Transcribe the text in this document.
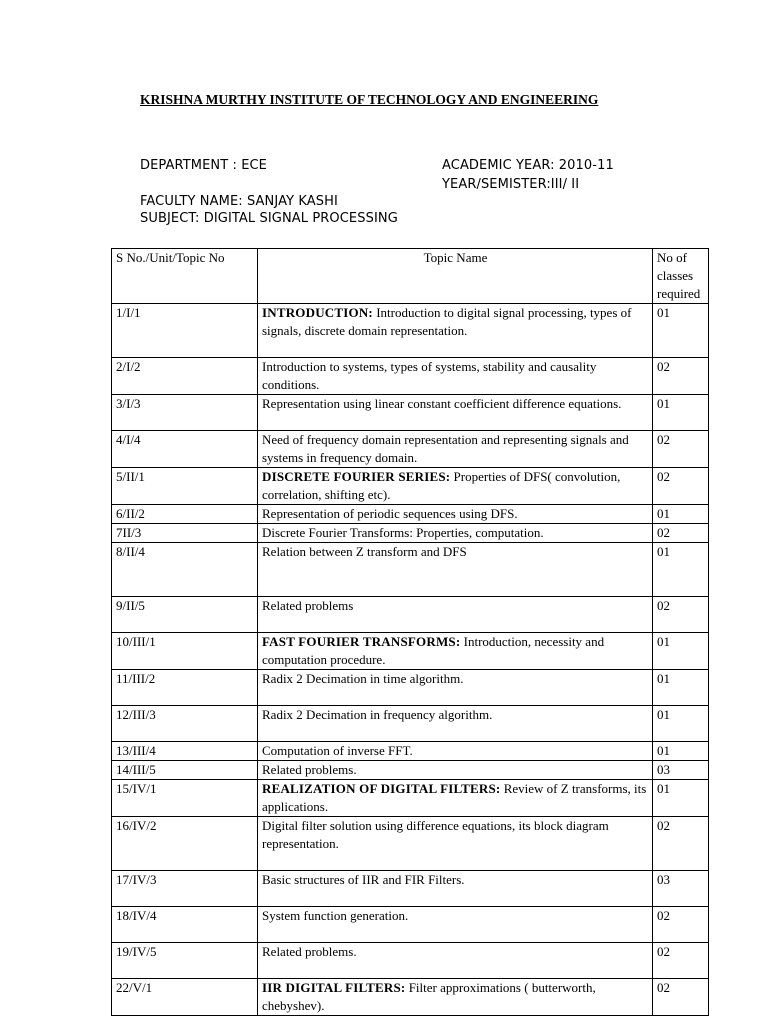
KRISHNA MURTHY INSTITUTE OF TECHNOLOGY AND ENGINEERING
DEPARTMENT : ECE	ACADEMIC YEAR: 2010-11
YEAR/SEMISTER:III/ II
FACULTY NAME: SANJAY KASHI
SUBJECT: DIGITAL SIGNAL PROCESSING
S No./Unit/Topic No	Topic Name	No of classes required
1/I/1	INTRODUCTION: Introduction to digital signal processing, types of signals, discrete domain representation.	01
2/I/2	Introduction to systems, types of systems, stability and causality conditions.	02
3/I/3	Representation using linear constant coefficient difference equations.	01
4/I/4	Need of frequency domain representation and representing signals and systems in frequency domain.	02
5/II/1	DISCRETE FOURIER SERIES: Properties of DFS( convolution, correlation, shifting etc).	02
6/II/2	Representation of periodic sequences using DFS.	01
7II/3	Discrete Fourier Transforms: Properties, computation.	02
8/II/4	Relation between Z transform and DFS	01
9/II/5	Related problems	02
10/III/1	FAST FOURIER TRANSFORMS: Introduction, necessity and computation procedure.	01
11/III/2	Radix 2 Decimation in time algorithm.	01
12/III/3	Radix 2 Decimation in frequency algorithm.	01
13/III/4	Computation of inverse FFT.	01
14/III/5	Related problems.	03
15/IV/1	REALIZATION OF DIGITAL FILTERS: Review of Z transforms, its applications.	01
16/IV/2	Digital filter solution using difference equations, its block diagram representation.	02
17/IV/3	Basic structures of IIR and FIR Filters.	03
18/IV/4	System function generation.	02
19/IV/5	Related problems.	02
22/V/1	IIR DIGITAL FILTERS: Filter approximations ( butterworth, chebyshev).	02
